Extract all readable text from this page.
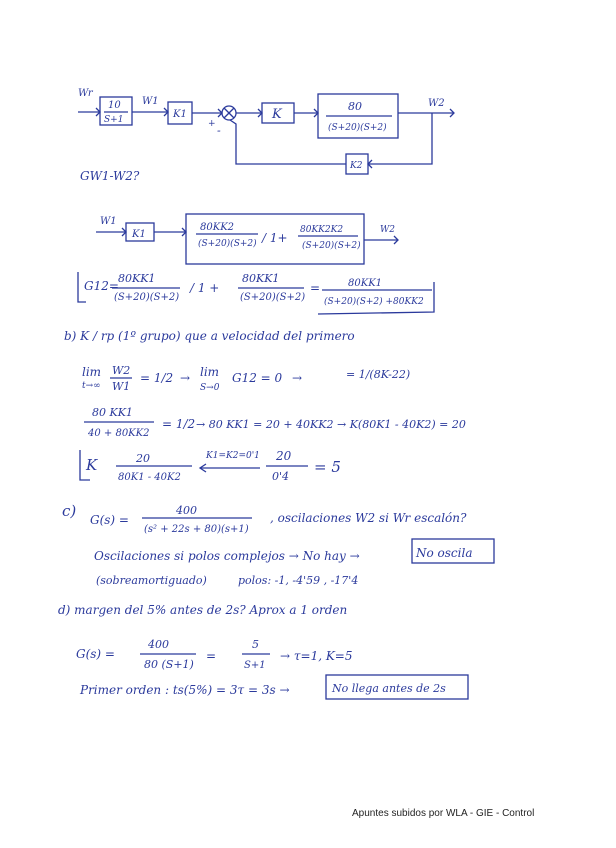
Wr
10
S+1
W1
K1
+ -
K
80
(S+20)(S+2)
W2
K2
GW1-W2?
W1
K1
80KK2
(S+20)(S+2) / 1+
80KK2K2
(S+20)(S+2)
W2
G12=
80KK1
(S+20)(S+2)
/ 1 +
80KK1
(S+20)(S+2)
=	80KK1
(S+20)(S+2) +80KK2
b) K / rp (1º grupo) que a velocidad del primero
lim
t→∞
W2
W1
= 1/2 → lim
S→0
G12 = 0 →	= 1/(8K-22)
80 KK1
40 + 80KK2
= 1/2 → 80 KK1 = 20 + 40KK2 → K(80K1 - 40K2) = 20
K	20
80K1 - 40K2
K1=K2=0'1 20
0'4
= 5
c) G(s) =
400
(s² + 22s + 80)(s+1)
, oscilaciones W2 si Wr escalón?
Oscilaciones si polos complejos → No hay →	No oscila
(sobreamortiguado)	polos: -1, -4'59 , -17'4
d) margen del 5% antes de 2s? Aprox a 1 orden
G(s) =
400
80 (S+1)
=
5
S+1
→ τ=1, K=5
Primer orden : ts(5%) = 3τ = 3s →	No llega antes de 2s
Apuntes subidos por WLA - GIE - Control
